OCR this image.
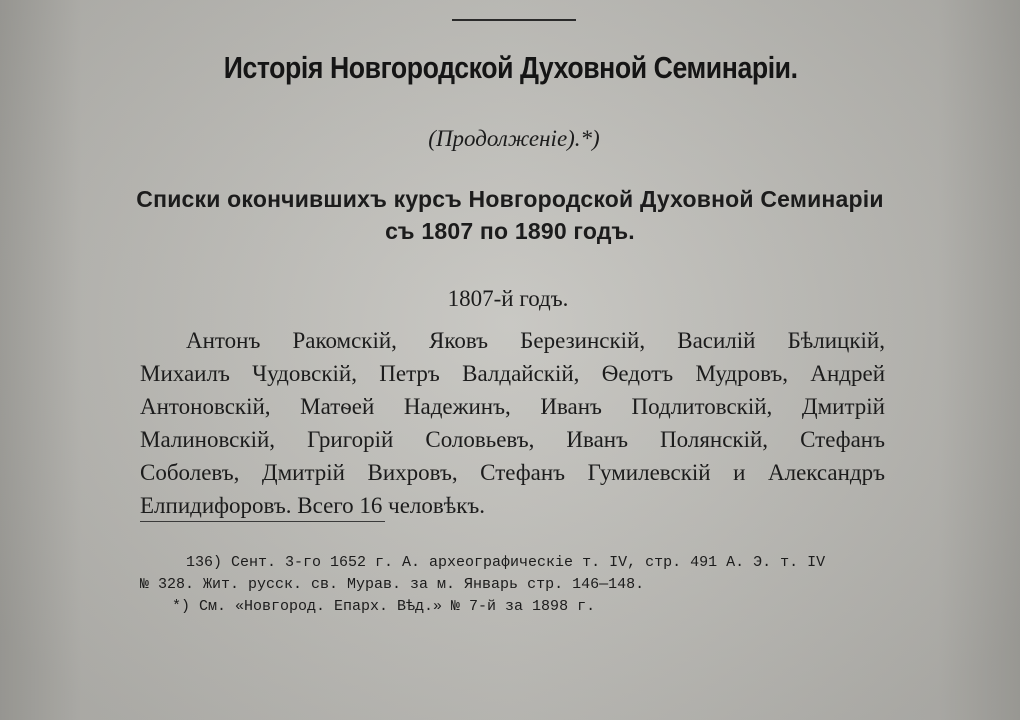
Исторія Новгородской Духовной Семинаріи.
(Продолженіе).*)
Списки окончившихъ курсъ Новгородской Духовной Семинаріи
съ 1807 по 1890 годъ.
1807-й годъ.
Антонъ Ракомскій, Яковъ Березинскій, Василій Бѣлицкій,
Михаилъ Чудовскій, Петръ Валдайскій, Ѳедотъ Мудровъ, Андрей
Антоновскій, Матѳей Надежинъ, Иванъ Подлитовскій, Дмитрій
Малиновскій, Григорій Соловьевъ, Иванъ Полянскій, Стефанъ
Соболевъ, Дмитрій Вихровъ, Стефанъ Гумилевскій и Александръ
Елпидифоровъ. Всего 16 человѣкъ.
136) Сент. 3-го 1652 г. А. археографическіе т. IV, стр. 491 А. Э. т. IV
№ 328. Жит. русск. св. Мурав. за м. Январь стр. 146—148.
*) См. «Новгород. Епарх. Вѣд.» № 7-й за 1898 г.
